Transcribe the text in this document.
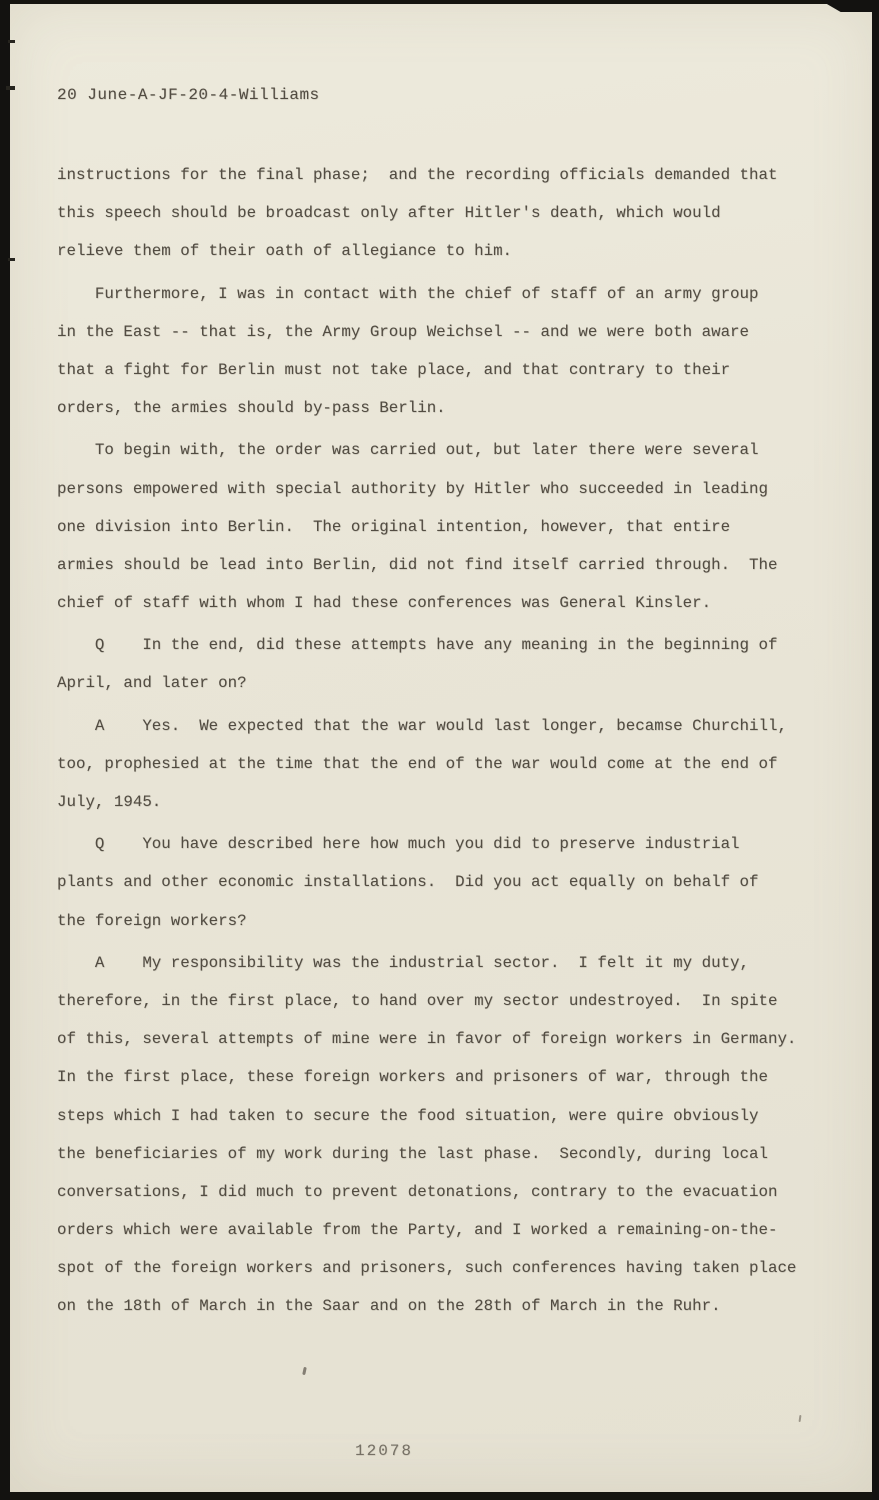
20 June-A-JF-20-4-Williams
instructions for the final phase;  and the recording officials demanded that
this speech should be broadcast only after Hitler's death, which would
relieve them of their oath of allegiance to him.
Furthermore, I was in contact with the chief of staff of an army group
in the East -- that is, the Army Group Weichsel -- and we were both aware
that a fight for Berlin must not take place, and that contrary to their
orders, the armies should by-pass Berlin.
To begin with, the order was carried out, but later there were several
persons empowered with special authority by Hitler who succeeded in leading
one division into Berlin.  The original intention, however, that entire
armies should be lead into Berlin, did not find itself carried through.  The
chief of staff with whom I had these conferences was General Kinsler.
Q    In the end, did these attempts have any meaning in the beginning of
April, and later on?
A    Yes.  We expected that the war would last longer, becamse Churchill,
too, prophesied at the time that the end of the war would come at the end of
July, 1945.
Q    You have described here how much you did to preserve industrial
plants and other economic installations.  Did you act equally on behalf of
the foreign workers?
A    My responsibility was the industrial sector.  I felt it my duty,
therefore, in the first place, to hand over my sector undestroyed.  In spite
of this, several attempts of mine were in favor of foreign workers in Germany.
In the first place, these foreign workers and prisoners of war, through the
steps which I had taken to secure the food situation, were quire obviously
the beneficiaries of my work during the last phase.  Secondly, during local
conversations, I did much to prevent detonations, contrary to the evacuation
orders which were available from the Party, and I worked a remaining-on-the-
spot of the foreign workers and prisoners, such conferences having taken place
on the 18th of March in the Saar and on the 28th of March in the Ruhr.
12078
